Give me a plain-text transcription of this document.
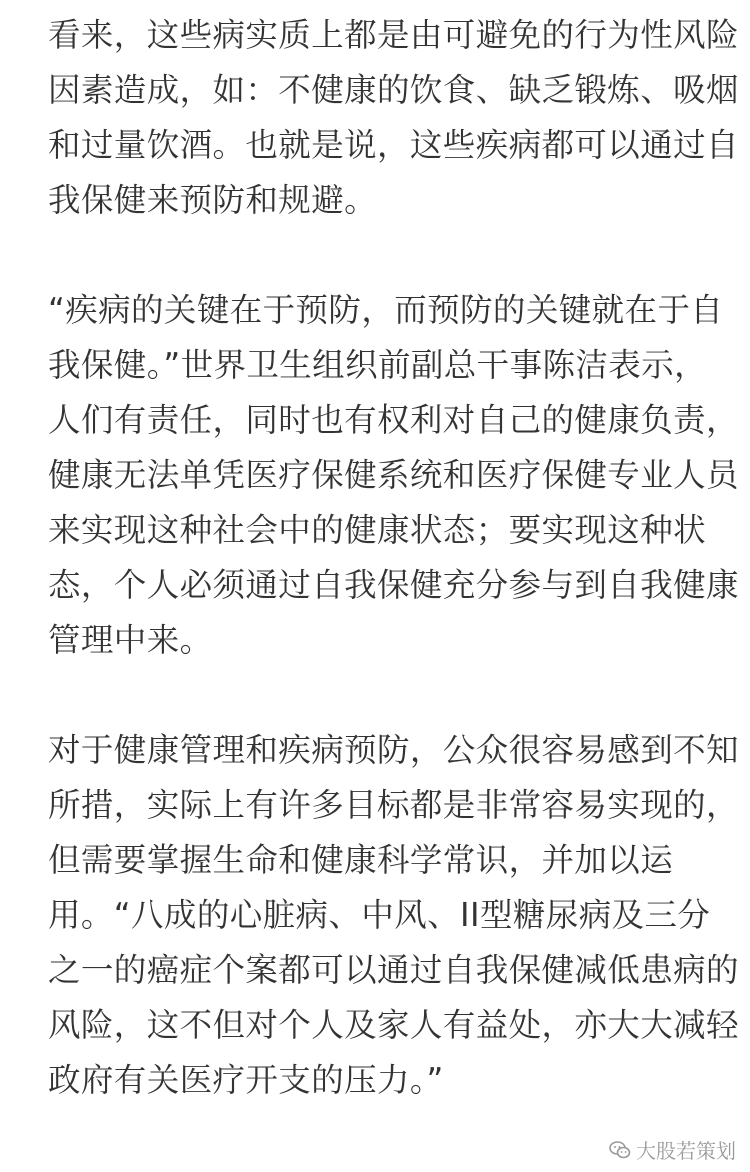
看来，这些病实质上都是由可避免的行为性风险
因素造成，如：不健康的饮食、缺乏锻炼、吸烟
和过量饮酒。也就是说，这些疾病都可以通过自
我保健来预防和规避。

“疾病的关键在于预防，而预防的关键就在于自
我保健。”世界卫生组织前副总干事陈洁表示，
人们有责任，同时也有权利对自己的健康负责，
健康无法单凭医疗保健系统和医疗保健专业人员
来实现这种社会中的健康状态；要实现这种状
态，个人必须通过自我保健充分参与到自我健康
管理中来。

对于健康管理和疾病预防，公众很容易感到不知
所措，实际上有许多目标都是非常容易实现的，
但需要掌握生命和健康科学常识，并加以运
用。“八成的心脏病、中风、II型糖尿病及三分
之一的癌症个案都可以通过自我保健减低患病的
风险，这不但对个人及家人有益处，亦大大减轻
政府有关医疗开支的压力。”

大股若策划
